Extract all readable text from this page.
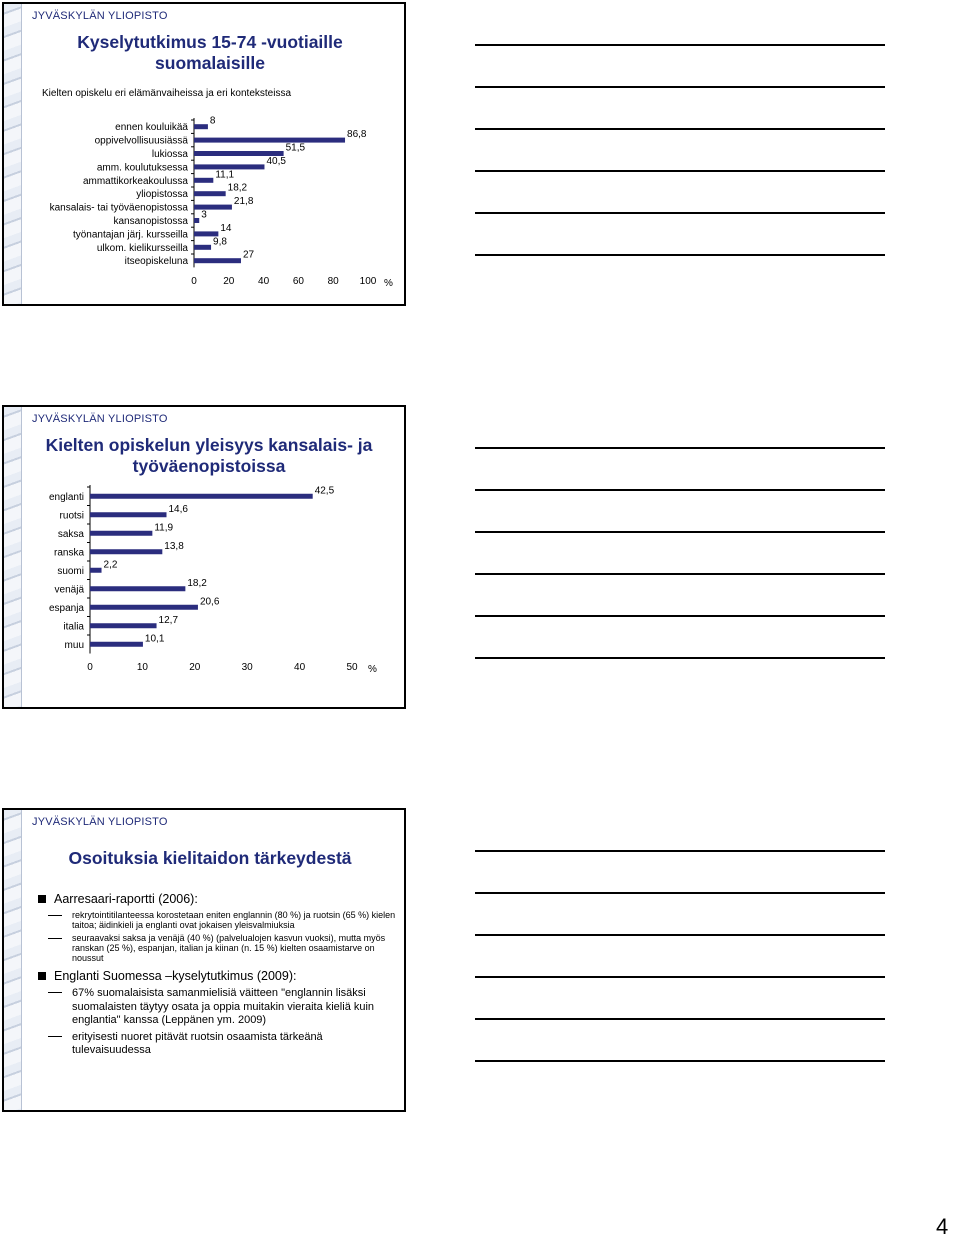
JYVÄSKYLÄN YLIOPISTO
Kyselytutkimus 15-74 -vuotiaille suomalaisille
Kielten opiskelu eri elämänvaiheissa ja eri konteksteissa
ennen kouluikää
8
oppivelvollisuusiässä
86,8
lukiossa
51,5
amm. koulutuksessa
40,5
ammattikorkeakoulussa
11,1
yliopistossa
18,2
kansalais- tai työväenopistossa
21,8
kansanopistossa
3
työnantajan järj. kursseilla
14
ulkom. kielikursseilla
9,8
itseopiskeluna
27
0	20 40 60 80 100 %
JYVÄSKYLÄN YLIOPISTO
Kielten opiskelun yleisyys kansalais- ja työväenopistoissa
englanti
42,5
ruotsi
14,6
saksa
11,9
ranska
13,8
suomi
2,2
venäjä
18,2
espanja
20,6
italia
12,7
muu
10,1
0	10	20	30	40	50 %
JYVÄSKYLÄN YLIOPISTO
Osoituksia kielitaidon tärkeydestä
Aarresaari-raportti (2006):
rekrytointitilanteessa korostetaan eniten englannin (80 %) ja ruotsin (65 %) kielen taitoa; äidinkieli ja englanti ovat jokaisen yleisvalmiuksia
seuraavaksi saksa ja venäjä (40 %) (palvelualojen kasvun vuoksi), mutta myös ranskan (25 %), espanjan, italian ja kiinan (n. 15 %) kielten osaamistarve on noussut
Englanti Suomessa –kyselytutkimus (2009):
67% suomalaisista samanmielisiä väitteen "englannin lisäksi suomalaisten täytyy osata ja oppia muitakin vieraita kieliä kuin englantia" kanssa (Leppänen ym. 2009)
erityisesti nuoret pitävät ruotsin osaamista tärkeänä tulevaisuudessa
4
